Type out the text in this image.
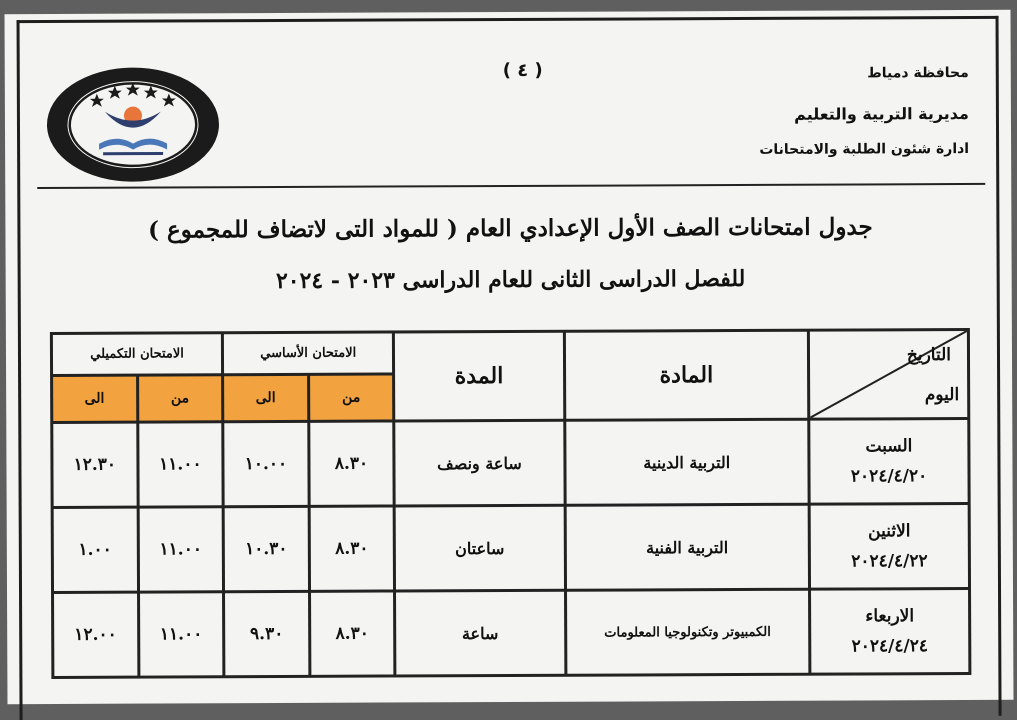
( ٤ )	محافظة دمياط
مديرية التربية والتعليم
ادارة شئون الطلبة والامتحانات
جدول امتحانات الصف الأول الإعدادي العام ( للمواد التى لاتضاف للمجموع )
للفصل الدراسى الثانى للعام الدراسى ٢٠٢٣ - ٢٠٢٤
التاريخ
اليوم	المادة	المدة	الامتحان الأساسي		الامتحان التكميلي	
			من	الى	من	الى

السبت
٢٠٢٤/٤/٢٠	التربية الدينية	ساعة ونصف	٨.٣٠	١٠.٠٠	١١.٠٠	١٢.٣٠

الاثنين
٢٠٢٤/٤/٢٢	التربية الفنية	ساعتان	٨.٣٠	١٠.٣٠	١١.٠٠	١.٠٠

الاربعاء
٢٠٢٤/٤/٢٤	الكمبيوتر وتكنولوجيا المعلومات	ساعة	٨.٣٠	٩.٣٠	١١.٠٠	١٢.٠٠
